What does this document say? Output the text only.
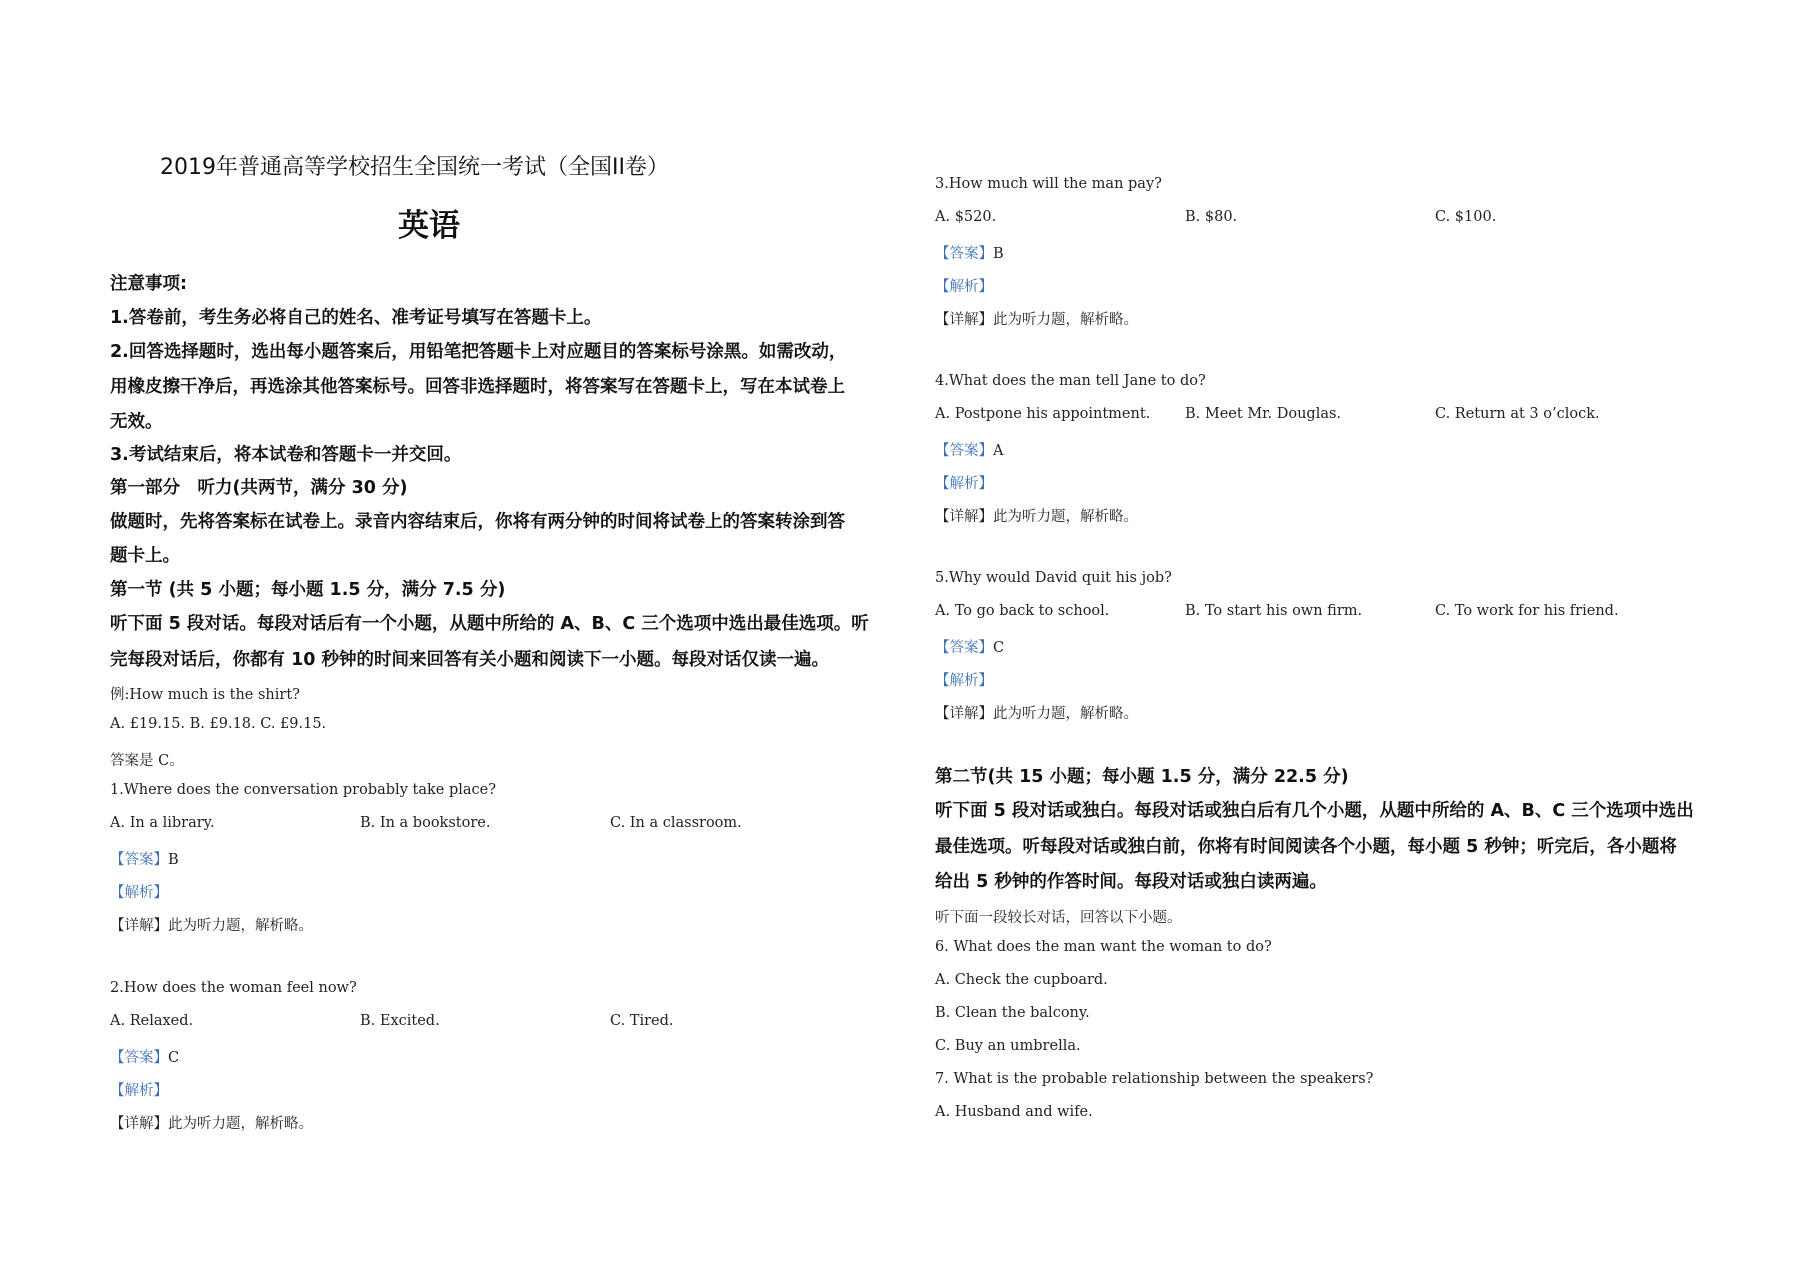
2019年普通高等学校招生全国统一考试（全国II卷）
英语
注意事项:
1.答卷前，考生务必将自己的姓名、准考证号填写在答题卡上。
2.回答选择题时，选出每小题答案后，用铅笔把答题卡上对应题目的答案标号涂黑。如需改动，
用橡皮擦干净后，再选涂其他答案标号。回答非选择题时，将答案写在答题卡上，写在本试卷上
无效。
3.考试结束后，将本试卷和答题卡一并交回。
第一部分　听力(共两节，满分 30 分)
做题时，先将答案标在试卷上。录音内容结束后，你将有两分钟的时间将试卷上的答案转涂到答
题卡上。
第一节 (共 5 小题；每小题 1.5 分，满分 7.5 分)
听下面 5 段对话。每段对话后有一个小题，从题中所给的 A、B、C 三个选项中选出最佳选项。听
完每段对话后，你都有 10 秒钟的时间来回答有关小题和阅读下一小题。每段对话仅读一遍。
例:How much is the shirt?
A. £19.15. B. £9.18. C. £9.15.
答案是 C。
1.Where does the conversation probably take place?
A. In a library.	B. In a bookstore.	C. In a classroom.
【答案】B
【解析】
【详解】此为听力题，解析略。
2.How does the woman feel now?
A. Relaxed.	B. Excited.	C. Tired.
【答案】C
【解析】
【详解】此为听力题，解析略。
3.How much will the man pay?
A. $520.	B. $80.	C. $100.
【答案】B
【解析】
【详解】此为听力题，解析略。
4.What does the man tell Jane to do?
A. Postpone his appointment. B. Meet Mr. Douglas.	C. Return at 3 o’clock.
【答案】A
【解析】
【详解】此为听力题，解析略。
5.Why would David quit his job?
A. To go back to school.	B. To start his own firm.	C. To work for his friend.
【答案】C
【解析】
【详解】此为听力题，解析略。
第二节(共 15 小题；每小题 1.5 分，满分 22.5 分)
听下面 5 段对话或独白。每段对话或独白后有几个小题，从题中所给的 A、B、C 三个选项中选出
最佳选项。听每段对话或独白前，你将有时间阅读各个小题，每小题 5 秒钟；听完后，各小题将
给出 5 秒钟的作答时间。每段对话或独白读两遍。
听下面一段较长对话，回答以下小题。
6. What does the man want the woman to do?
A. Check the cupboard.
B. Clean the balcony.
C. Buy an umbrella.
7. What is the probable relationship between the speakers?
A. Husband and wife.
